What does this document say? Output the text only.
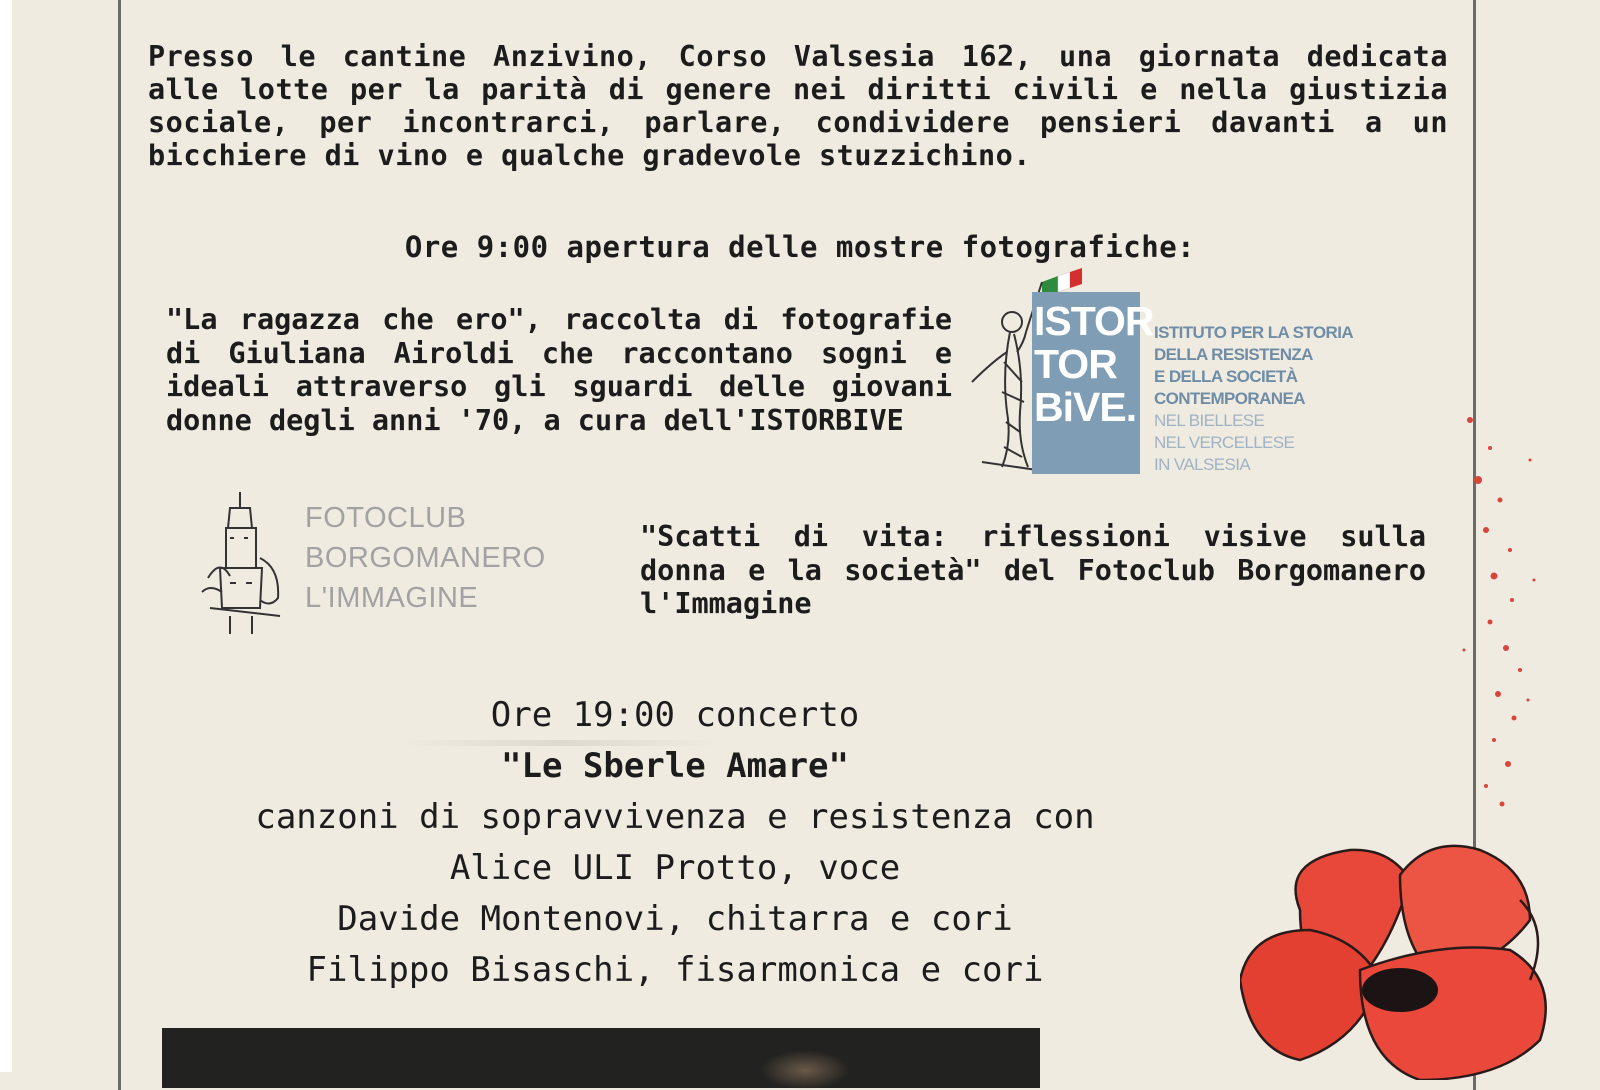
Presso le cantine Anzivino, Corso Valsesia 162, una giornata dedicata alle lotte per la parità di genere nei diritti civili e nella giustizia sociale, per incontrarci, parlare, condividere pensieri davanti a un bicchiere di vino e qualche gradevole stuzzichino.

Ore 9:00 apertura delle mostre fotografiche:

"La ragazza che ero", raccolta di fotografie di Giuliana Airoldi che raccontano sogni e ideali attraverso gli sguardi delle giovani donne degli anni '70, a cura dell'ISTORBIVE

ISTOR
TOR
BiVE.
ISTITUTO PER LA STORIA
DELLA RESISTENZA
E DELLA SOCIETÀ
CONTEMPORANEA
NEL BIELLESE
NEL VERCELLESE
IN VALSESIA
FOTOCLUB
BORGOMANERO
L'IMMAGINE

"Scatti di vita: riflessioni visive sulla donna e la società" del Fotoclub Borgomanero l'Immagine

Ore 19:00 concerto
"Le Sberle Amare"
canzoni di sopravvivenza e resistenza con
Alice ULI Protto, voce
Davide Montenovi, chitarra e cori
Filippo Bisaschi, fisarmonica e cori
